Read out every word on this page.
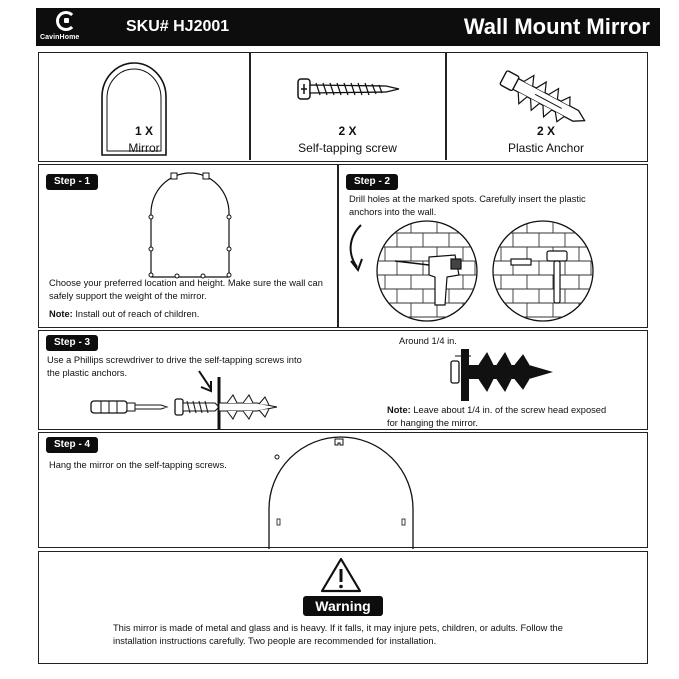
CavinHome
SKU# HJ2001	Wall Mount Mirror
1 X
Mirror
2 X
Self-tapping screw
2 X
Plastic Anchor
Step - 1
Choose your preferred location and height. Make sure the wall can safely support the weight of the mirror.
Note: Install out of reach of children.
Step - 2
Drill holes at the marked spots. Carefully insert the plastic anchors into the wall.
Step - 3
Use a Phillips screwdriver to drive the self-tapping screws into the plastic anchors.
Around 1/4 in.
Note: Leave about 1/4 in. of the screw head exposed for hanging the mirror.
Step - 4
Hang the mirror on the self-tapping screws.
Warning
This mirror is made of metal and glass and is heavy. If it falls, it may injure pets, children, or adults. Follow the installation instructions carefully. Two people are recommended for installation.
